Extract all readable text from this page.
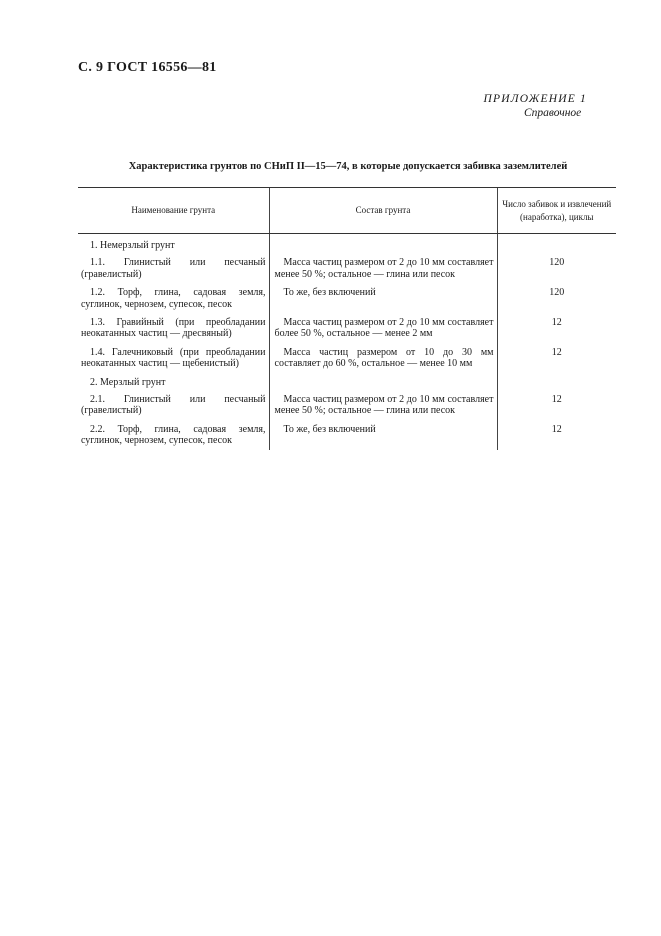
С. 9 ГОСТ 16556—81
ПРИЛОЖЕНИЕ 1
Справочное
Характеристика грунтов по СНиП II—15—74, в которые допускается забивка заземлителей
Наименование грунта	Состав грунта	Число забивок и извлечений (наработка), циклы
1. Немерзлый грунт		
1.1. Глинистый или песчаный (гравелистый)	Масса частиц размером от 2 до 10 мм составляет менее 50 %; остальное — глина или песок	120
1.2. Торф, глина, садовая земля, суглинок, чернозем, супесок, песок	То же, без включений	120
1.3. Гравийный (при преобладании неокатанных частиц — дресвяный)	Масса частиц размером от 2 до 10 мм составляет более 50 %, остальное — менее 2 мм	12
1.4. Галечниковый (при преобладании неокатанных частиц — щебенистый)	Масса частиц размером от 10 до 30 мм составляет до 60 %, остальное — менее 10 мм	12
2. Мерзлый грунт		
2.1. Глинистый или песчаный (гравелистый)	Масса частиц размером от 2 до 10 мм составляет менее 50 %; остальное — глина или песок	12
2.2. Торф, глина, садовая земля, суглинок, чернозем, супесок, песок	То же, без включений	12
